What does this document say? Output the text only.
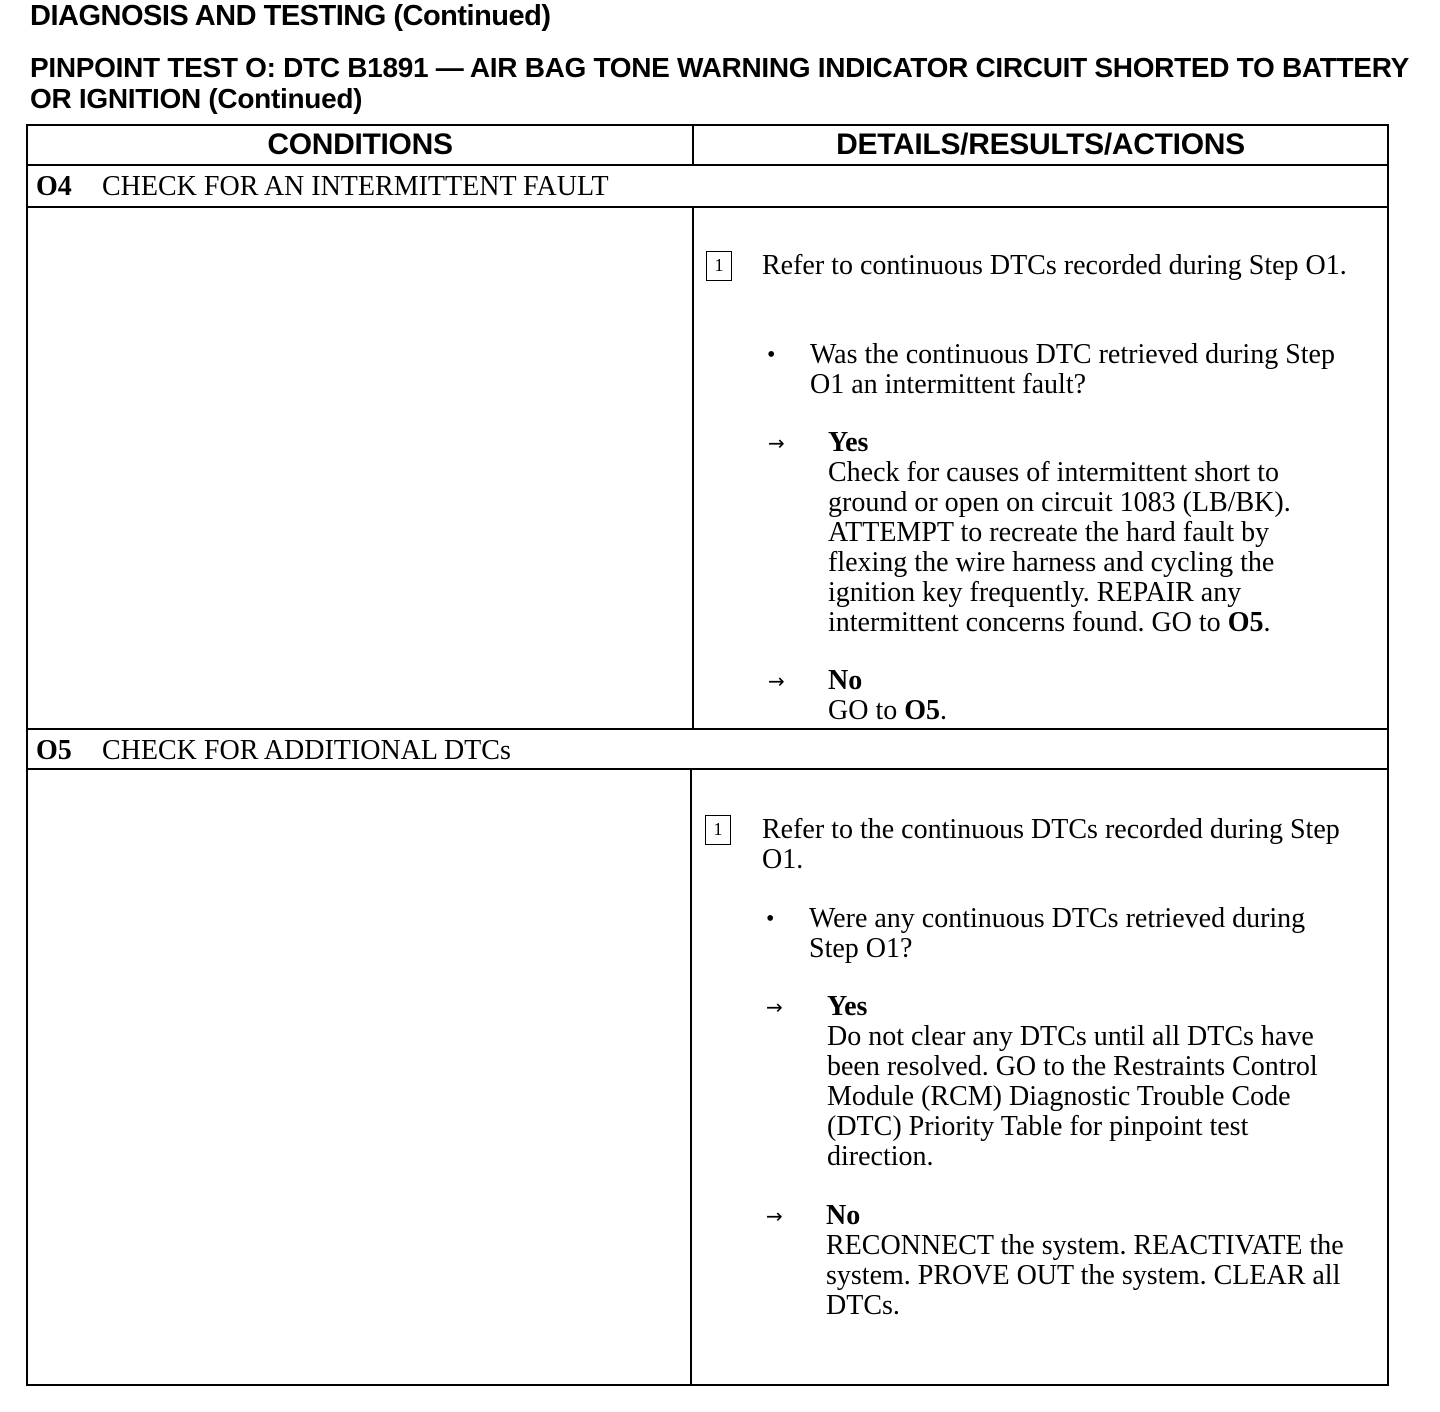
DIAGNOSIS AND TESTING (Continued)
PINPOINT TEST O: DTC B1891 — AIR BAG TONE WARNING INDICATOR CIRCUIT SHORTED TO BATTERY OR IGNITION (Continued)
CONDITIONS	DETAILS/RESULTS/ACTIONS
O4 CHECK FOR AN INTERMITTENT FAULT
1	Refer to continuous DTCs recorded during Step O1.
• Was the continuous DTC retrieved during Step O1 an intermittent fault?
→ Yes
Check for causes of intermittent short to ground or open on circuit 1083 (LB/BK). ATTEMPT to recreate the hard fault by flexing the wire harness and cycling the ignition key frequently. REPAIR any intermittent concerns found. GO to O5.
→ No
GO to O5.
O5 CHECK FOR ADDITIONAL DTCs
1	Refer to the continuous DTCs recorded during Step O1.
• Were any continuous DTCs retrieved during Step O1?
→ Yes
Do not clear any DTCs until all DTCs have been resolved. GO to the Restraints Control Module (RCM) Diagnostic Trouble Code (DTC) Priority Table for pinpoint test direction.
→ No
RECONNECT the system. REACTIVATE the system. PROVE OUT the system. CLEAR all DTCs.
